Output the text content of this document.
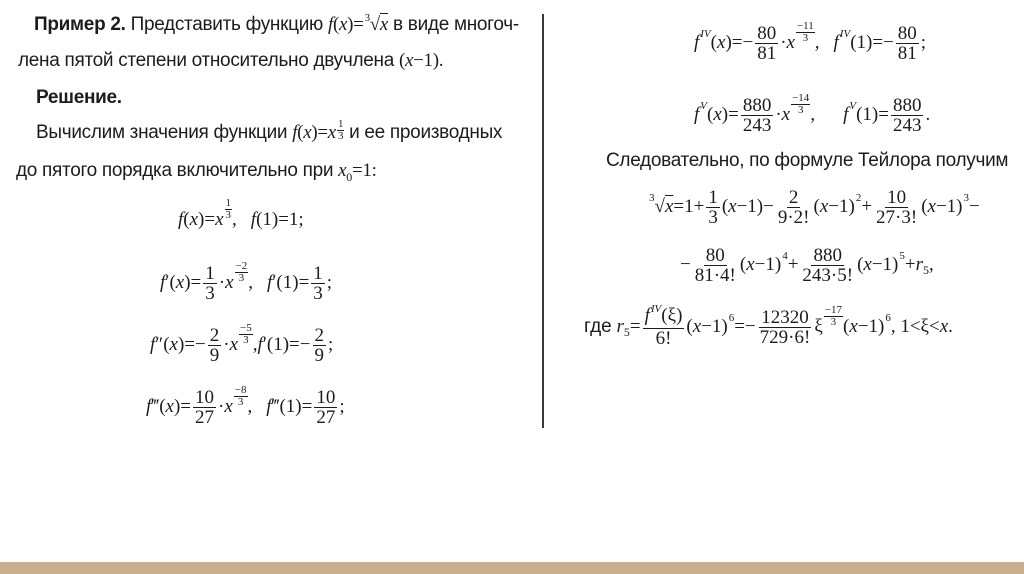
Пример 2. Представить функцию f(x)=$^3$√x в виде многоч-
лена пятой степени относительно двучлена (x−1).
Решение.
Вычислим значения функции $f(x)=x \frac{1}{3}$ и ее производных
до пятого порядка включительно при $x_0=1$:
f ( x )= x $\frac{1}{3}$ , f (1)=1;
f ′( x )= $\frac{1}{3} \cdot x \frac{-2}{3}$ , f $'(1)= \frac{1}{3}$ ;
f ″( x )=− $\frac{2}{9} \cdot x \frac{-5}{3}$ , f $'(1)=- \frac{2}{9}$ ;
f ‴( x )= $\frac{10}{27} \cdot x \frac{-8}{3}$ , f ‴(1)= $\frac{10}{27}$ ;
f IV ( x )=− $\frac{80}{81} \cdot x \frac{-11}{3}$ , f IV $(1)=- \frac{80}{81}$ ;
f V ( x )= $\frac{880}{243} \cdot x \frac{-14}{3}$ , f V $(1)= \frac{880}{243}$ .
Следовательно, по формуле Тейлора получим
3 √ $x =1+ \frac{1}{3}$ ( $x -1)- \frac{2}{9\cdot 2!}$ ( x −1) $2 + \frac{10}{27\cdot 3!}$ ( x −1) 3 −
− $\frac{80}{81\cdot 4!}$ ( x −1) $4 + \frac{880}{243\cdot 5!}$ ( x −1) 5 + r 5 ,
где
r $5 = \frac{f^{IV}(\xi)}{6!}$ ( x −1) $6 =- \frac{12320}{729\cdot 6!}$ ξ $\frac{-17}{3}$ ( x −1) 6 , 1<ξ< x .
